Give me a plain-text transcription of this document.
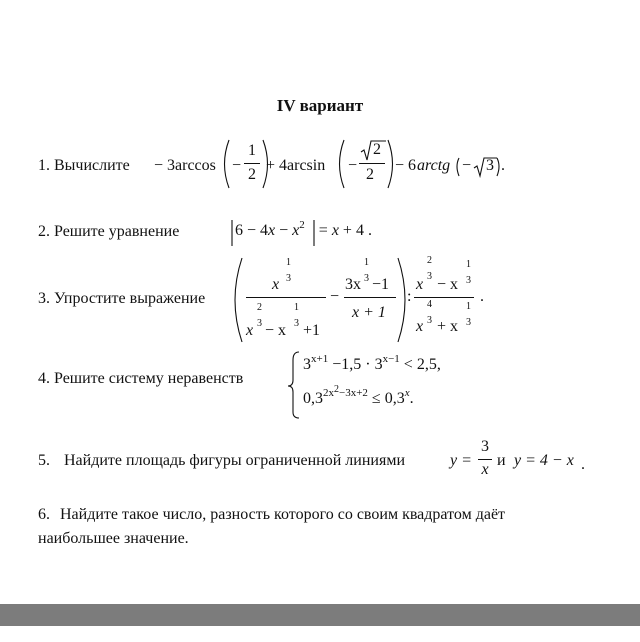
IV вариант
1. Вычислите − 3arccos −
1
2
+ 4arcsin −
2
2
− 6 arctg − 3 .
2. Решите уравнение	$6 - 4x - x^2 = x + 4$ .
3. Упростите выражение
x
1
3
x
2
3 − x
1
3 +1
−
3x
1
3 −1
x + 1
:
x
2
3 − x
1
3
x
4
3 + x
1
3
.
4. Решите систему неравенств
$3^{x+1} -1,5 \cdot 3^{x-1} < 2,5$,
$0,3^{2x2-3x+2} \le 0,3^x$.
5. Найдите площадь фигуры ограниченной линиями	y =
3
x
и y = 4 − x .
6. Найдите такое число, разность которого со своим квадратом даёт
наибольшее значение.
